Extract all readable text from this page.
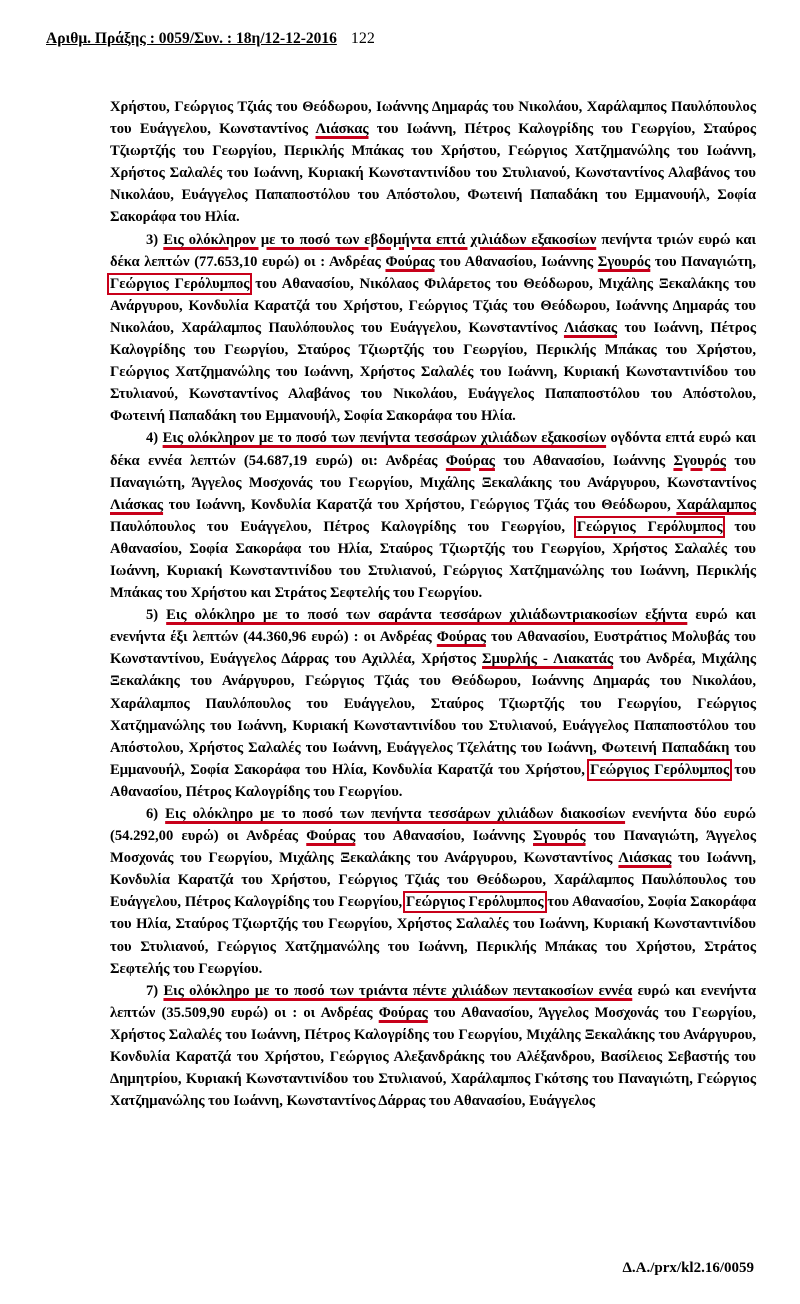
Αριθμ. Πράξης : 0059/Συν. : 18η/12-12-2016 122

Χρήστου, Γεώργιος Τζιάς του Θεόδωρου, Ιωάννης Δημαράς του Νικολάου, Χαράλαμπος Παυλόπουλος του Ευάγγελου, Κωνσταντίνος Λιάσκας του Ιωάννη, Πέτρος Καλογρίδης του Γεωργίου, Σταύρος Τζιωρτζής του Γεωργίου, Περικλής Μπάκας του Χρήστου, Γεώργιος Χατζημανώλης του Ιωάννη, Χρήστος Σαλαλές του Ιωάννη, Κυριακή Κωνσταντινίδου του Στυλιανού, Κωνσταντίνος Αλαβάνος του Νικολάου, Ευάγγελος Παπαποστόλου του Απόστολου, Φωτεινή Παπαδάκη του Εμμανουήλ, Σοφία Σακοράφα του Ηλία.

3) Εις ολόκληρον με το ποσό των εβδομήντα επτά χιλιάδων εξακοσίων πενήντα τριών ευρώ και δέκα λεπτών (77.653,10 ευρώ) οι : Ανδρέας Φούρας του Αθανασίου, Ιωάννης Σγουρός του Παναγιώτη, Γεώργιος Γερόλυμπος του Αθανασίου, Νικόλαος Φιλάρετος του Θεόδωρου, Μιχάλης Ξεκαλάκης του Ανάργυρου, Κονδυλία Καρατζά του Χρήστου, Γεώργιος Τζιάς του Θεόδωρου, Ιωάννης Δημαράς του Νικολάου, Χαράλαμπος Παυλόπουλος του Ευάγγελου, Κωνσταντίνος Λιάσκας του Ιωάννη, Πέτρος Καλογρίδης του Γεωργίου, Σταύρος Τζιωρτζής του Γεωργίου, Περικλής Μπάκας του Χρήστου, Γεώργιος Χατζημανώλης του Ιωάννη, Χρήστος Σαλαλές του Ιωάννη, Κυριακή Κωνσταντινίδου του Στυλιανού, Κωνσταντίνος Αλαβάνος του Νικολάου, Ευάγγελος Παπαποστόλου του Απόστολου, Φωτεινή Παπαδάκη του Εμμανουήλ, Σοφία Σακοράφα του Ηλία.

4) Εις ολόκληρον με το ποσό των πενήντα τεσσάρων χιλιάδων εξακοσίων ογδόντα επτά ευρώ και δέκα εννέα λεπτών (54.687,19 ευρώ) οι: Ανδρέας Φούρας του Αθανασίου, Ιωάννης Σγουρός του Παναγιώτη, Άγγελος Μοσχονάς του Γεωργίου, Μιχάλης Ξεκαλάκης του Ανάργυρου, Κωνσταντίνος Λιάσκας του Ιωάννη, Κονδυλία Καρατζά του Χρήστου, Γεώργιος Τζιάς του Θεόδωρου, Χαράλαμπος Παυλόπουλος του Ευάγγελου, Πέτρος Καλογρίδης του Γεωργίου, Γεώργιος Γερόλυμπος του Αθανασίου, Σοφία Σακοράφα του Ηλία, Σταύρος Τζιωρτζής του Γεωργίου, Χρήστος Σαλαλές του Ιωάννη, Κυριακή Κωνσταντινίδου του Στυλιανού, Γεώργιος Χατζημανώλης του Ιωάννη, Περικλής Μπάκας του Χρήστου και Στράτος Σεφτελής του Γεωργίου.

5) Εις ολόκληρο με το ποσό των σαράντα τεσσάρων χιλιάδωντριακοσίων εξήντα ευρώ και ενενήντα έξι λεπτών (44.360,96 ευρώ) : οι Ανδρέας Φούρας του Αθανασίου, Ευστράτιος Μολυβάς του Κωνσταντίνου, Ευάγγελος Δάρρας του Αχιλλέα, Χρήστος Σμυρλής - Λιακατάς του Ανδρέα, Μιχάλης Ξεκαλάκης του Ανάργυρου, Γεώργιος Τζιάς του Θεόδωρου, Ιωάννης Δημαράς του Νικολάου, Χαράλαμπος Παυλόπουλος του Ευάγγελου, Σταύρος Τζιωρτζής του Γεωργίου, Γεώργιος Χατζημανώλης του Ιωάννη, Κυριακή Κωνσταντινίδου του Στυλιανού, Ευάγγελος Παπαποστόλου του Απόστολου, Χρήστος Σαλαλές του Ιωάννη, Ευάγγελος Τζελάτης του Ιωάννη, Φωτεινή Παπαδάκη του Εμμανουήλ, Σοφία Σακοράφα του Ηλία, Κονδυλία Καρατζά του Χρήστου, Γεώργιος Γερόλυμπος του Αθανασίου, Πέτρος Καλογρίδης του Γεωργίου.

6) Εις ολόκληρο με το ποσό των πενήντα τεσσάρων χιλιάδων διακοσίων ενενήντα δύο ευρώ (54.292,00 ευρώ) οι Ανδρέας Φούρας του Αθανασίου, Ιωάννης Σγουρός του Παναγιώτη, Άγγελος Μοσχονάς του Γεωργίου, Μιχάλης Ξεκαλάκης του Ανάργυρου, Κωνσταντίνος Λιάσκας του Ιωάννη, Κονδυλία Καρατζά του Χρήστου, Γεώργιος Τζιάς του Θεόδωρου, Χαράλαμπος Παυλόπουλος του Ευάγγελου, Πέτρος Καλογρίδης του Γεωργίου, Γεώργιος Γερόλυμπος του Αθανασίου, Σοφία Σακοράφα του Ηλία, Σταύρος Τζιωρτζής του Γεωργίου, Χρήστος Σαλαλές του Ιωάννη, Κυριακή Κωνσταντινίδου του Στυλιανού, Γεώργιος Χατζημανώλης του Ιωάννη, Περικλής Μπάκας του Χρήστου, Στράτος Σεφτελής του Γεωργίου.

7) Εις ολόκληρο με το ποσό των τριάντα πέντε χιλιάδων πεντακοσίων εννέα ευρώ και ενενήντα λεπτών (35.509,90 ευρώ) οι : οι Ανδρέας Φούρας του Αθανασίου, Άγγελος Μοσχονάς του Γεωργίου, Χρήστος Σαλαλές του Ιωάννη, Πέτρος Καλογρίδης του Γεωργίου, Μιχάλης Ξεκαλάκης του Ανάργυρου, Κονδυλία Καρατζά του Χρήστου, Γεώργιος Αλεξανδράκης του Αλέξανδρου, Βασίλειος Σεβαστής του Δημητρίου, Κυριακή Κωνσταντινίδου του Στυλιανού, Χαράλαμπος Γκότσης του Παναγιώτη, Γεώργιος Χατζημανώλης του Ιωάννη, Κωνσταντίνος Δάρρας του Αθανασίου, Ευάγγελος

Δ.Α./prx/kl2.16/0059
